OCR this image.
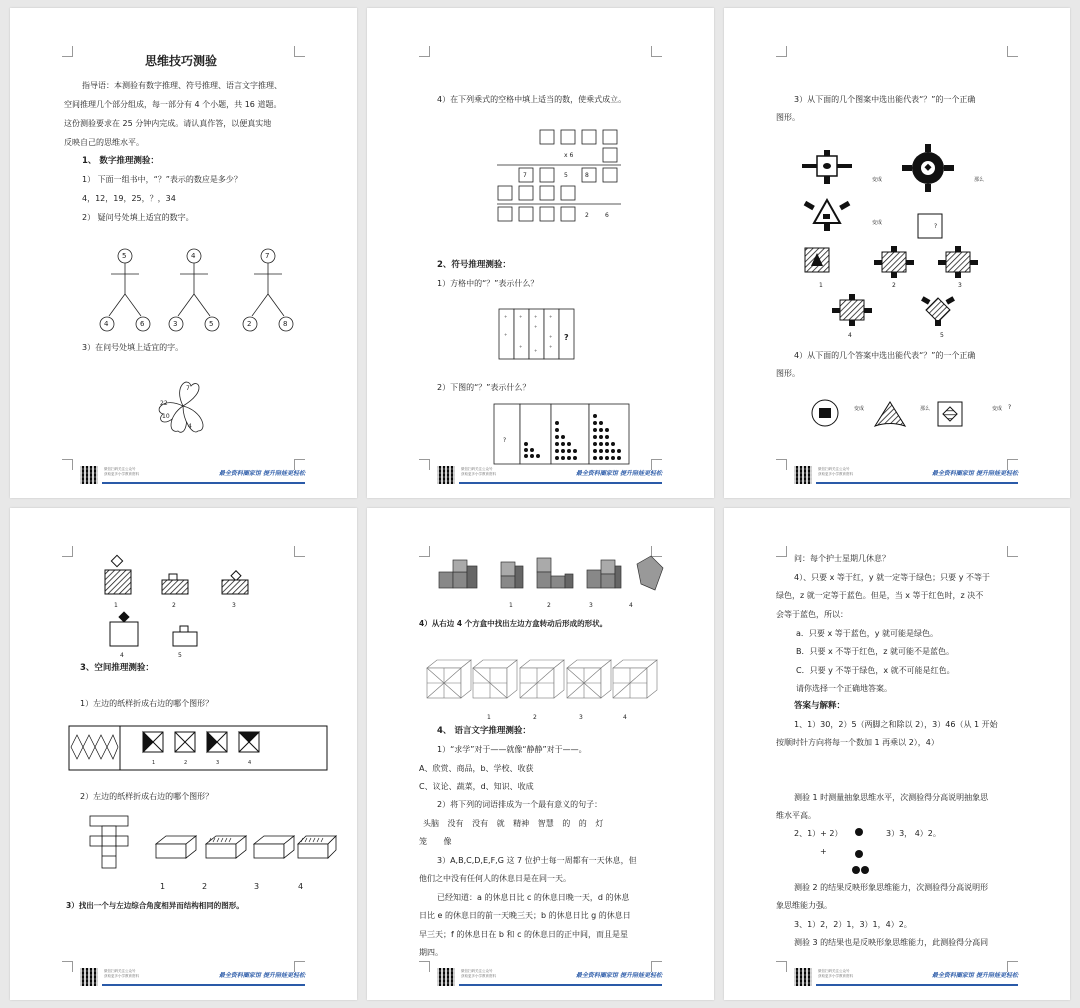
思维技巧测验
指导语：本测验有数字推理、符号推理、语言文字推理、
空间推理几个部分组成，每一部分有 4 个小题，共 16 道题。
这份测验要求在 25 分钟内完成。请认真作答，以便真实地
反映自己的思维水平。
1、 数字推理测验：
1） 下面一组书中，“？”表示的数应是多少？
4，12，19，25，？，34
2） 疑问号处填上适宜的数字。
5
4	6
4
3	5
7
2	8
3）在问号处填上适宜的字。
7
22
10
4
微信扫码关注公众号
获取更多小学教育资料	最全资料圈家馆 提升陪娃更轻松
4）在下列乘式的空格中填上适当的数，使乘式成立。
x 6
7	5	8
2	6
2、符号推理测验：
1）方格中的“？”表示什么？
+
+
+	+
+
+
+
+
+
+
?
2）下图的“？”表示什么？
?
微信扫码关注公众号
获取更多小学教育资料	最全资料圈家馆 提升陪娃更轻松
3）从下面的几个图案中选出能代表“？”的一个正确
图形。
变成	那么
变成	?
1	2	3
4	5
4）从下面的几个答案中选出能代表“？”的一个正确
图形。
变成	那么	变成 ?
微信扫码关注公众号
获取更多小学教育资料	最全资料圈家馆 提升陪娃更轻松
1	2	3
4	5
3、空间推理测验：
1）左边的纸样折成右边的哪个图形？
1	2	3	4
2）左边的纸样折成右边的哪个图形？
1	2	3	4
3）找出一个与左边综合角度相异而结构相同的图形。
微信扫码关注公众号
获取更多小学教育资料	最全资料圈家馆 提升陪娃更轻松
1	2	3	4
4）从右边 4 个方盒中找出左边方盒转动后形成的形状。
1	2	3	4
4、 语言文字推理测验：
1）“求学”对于——就像“静静”对于——。
A、欣赏、商品，b、学校、收获
C、议论、蔬菜，d、知识、收成
2）将下列的词语排成为一个最有意义的句子：
头脑 没有 没有 就 精神 智慧 的 的 灯
笼 像
3）A,B,C,D,E,F,G 这 7 位护士每一周都有一天休息，但
他们之中没有任何人的休息日是在同一天。
已经知道：a 的休息日比 c 的休息日晚一天，d 的休息
日比 e 的休息日的前一天晚三天；b 的休息日比 g 的休息日
早三天；f 的休息日在 b 和 c 的休息日的正中间，而且是星
期四。
微信扫码关注公众号
获取更多小学教育资料	最全资料圈家馆 提升陪娃更轻松
问：每个护士星期几休息？
4）、只要 x 等于红，y 就一定等于绿色；只要 y 不等于
绿色，z 就一定等于蓝色。但是，当 x 等于红色时，z 决不
会等于蓝色，所以：
a．只要 x 等于蓝色，y 就可能是绿色。
B．只要 x 不等于红色，z 就可能不是蓝色。
C．只要 y 不等于绿色，x 就不可能是红色。
请你选择一个正确地答案。
答案与解释：
1、1）30，2）5（两脚之和除以 2），3）46（从 1 开始
按顺时针方向将每一个数加 1 再乘以 2），4）
测验 1 时测量抽象思维水平，次测验得分高说明抽象思
维水平高。
2、1）+ 2）	3）3， 4）2。
+
测验 2 的结果反映形象思维能力，次测验得分高说明形
象思维能力强。
3、1）2，2）1，3）1，4）2。
测验 3 的结果也是反映形象思维能力，此测验得分高同
微信扫码关注公众号
获取更多小学教育资料	最全资料圈家馆 提升陪娃更轻松
